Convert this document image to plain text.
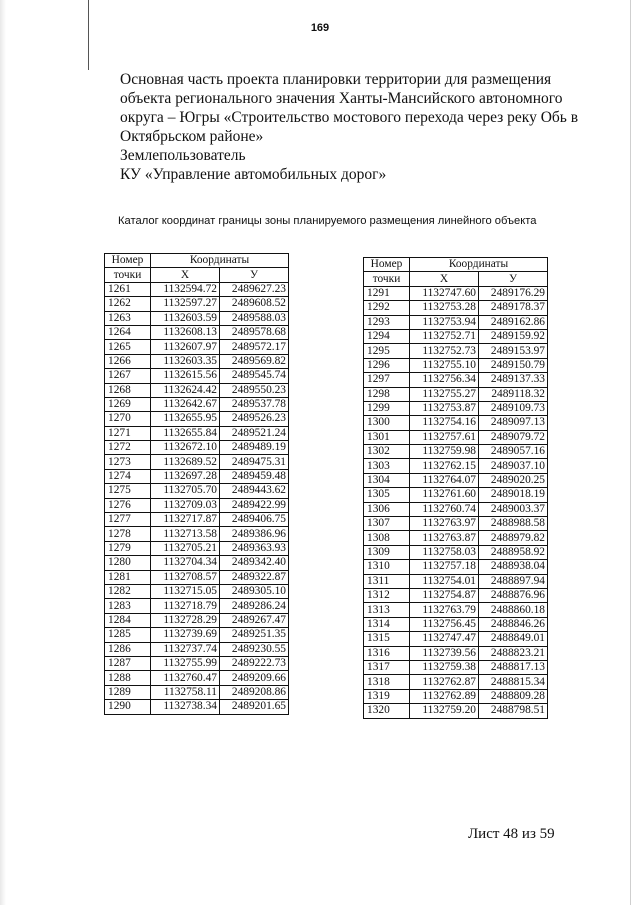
169

Основная часть проекта планировки территории для размещения

объекта регионального значения Ханты-Мансийского автономного

округа – Югры «Строительство мостового перехода через реку Обь в

Октябрьском районе»

Землепользователь

КУ «Управление автомобильных дорог»

Каталог координат границы зоны планируемого размещения линейного объекта
Номер	Координаты	
точки	X	У
1261	1132594.72	2489627.23
1262	1132597.27	2489608.52
1263	1132603.59	2489588.03
1264	1132608.13	2489578.68
1265	1132607.97	2489572.17
1266	1132603.35	2489569.82
1267	1132615.56	2489545.74
1268	1132624.42	2489550.23
1269	1132642.67	2489537.78
1270	1132655.95	2489526.23
1271	1132655.84	2489521.24
1272	1132672.10	2489489.19
1273	1132689.52	2489475.31
1274	1132697.28	2489459.48
1275	1132705.70	2489443.62
1276	1132709.03	2489422.99
1277	1132717.87	2489406.75
1278	1132713.58	2489386.96
1279	1132705.21	2489363.93
1280	1132704.34	2489342.40
1281	1132708.57	2489322.87
1282	1132715.05	2489305.10
1283	1132718.79	2489286.24
1284	1132728.29	2489267.47
1285	1132739.69	2489251.35
1286	1132737.74	2489230.55
1287	1132755.99	2489222.73
1288	1132760.47	2489209.66
1289	1132758.11	2489208.86
1290	1132738.34	2489201.65
Номер	Координаты	
точки	X	У
1291	1132747.60	2489176.29
1292	1132753.28	2489178.37
1293	1132753.94	2489162.86
1294	1132752.71	2489159.92
1295	1132752.73	2489153.97
1296	1132755.10	2489150.79
1297	1132756.34	2489137.33
1298	1132755.27	2489118.32
1299	1132753.87	2489109.73
1300	1132754.16	2489097.13
1301	1132757.61	2489079.72
1302	1132759.98	2489057.16
1303	1132762.15	2489037.10
1304	1132764.07	2489020.25
1305	1132761.60	2489018.19
1306	1132760.74	2489003.37
1307	1132763.97	2488988.58
1308	1132763.87	2488979.82
1309	1132758.03	2488958.92
1310	1132757.18	2488938.04
1311	1132754.01	2488897.94
1312	1132754.87	2488876.96
1313	1132763.79	2488860.18
1314	1132756.45	2488846.26
1315	1132747.47	2488849.01
1316	1132739.56	2488823.21
1317	1132759.38	2488817.13
1318	1132762.87	2488815.34
1319	1132762.89	2488809.28
1320	1132759.20	2488798.51
Лист 48 из 59
